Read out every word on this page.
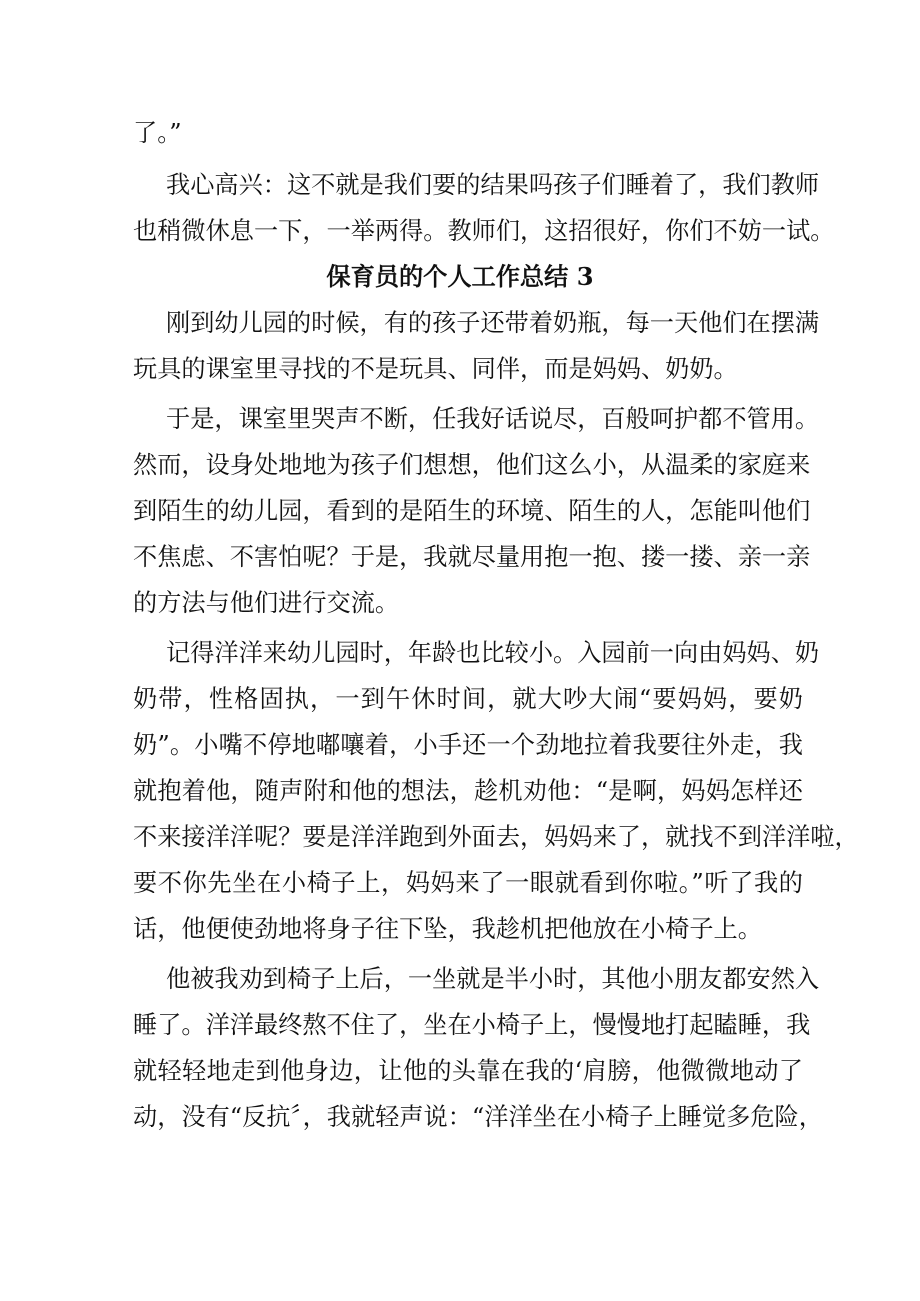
了。”
我心高兴：这不就是我们要的结果吗孩子们睡着了，我们教师
也稍微休息一下，一举两得。教师们，这招很好，你们不妨一试。
保育员的个人工作总结 3
刚到幼儿园的时候，有的孩子还带着奶瓶，每一天他们在摆满
玩具的课室里寻找的不是玩具、同伴，而是妈妈、奶奶。
于是，课室里哭声不断，任我好话说尽，百般呵护都不管用。
然而，设身处地地为孩子们想想，他们这么小，从温柔的家庭来
到陌生的幼儿园，看到的是陌生的环境、陌生的人，怎能叫他们
不焦虑、不害怕呢？于是，我就尽量用抱一抱、搂一搂、亲一亲
的方法与他们进行交流。
记得洋洋来幼儿园时，年龄也比较小。入园前一向由妈妈、奶
奶带，性格固执，一到午休时间，就大吵大闹“要妈妈，要奶
奶”。小嘴不停地嘟嚷着，小手还一个劲地拉着我要往外走，我
就抱着他，随声附和他的想法，趁机劝他：“是啊，妈妈怎样还
不来接洋洋呢？要是洋洋跑到外面去，妈妈来了，就找不到洋洋啦，
要不你先坐在小椅子上，妈妈来了一眼就看到你啦。”听了我的
话，他便使劲地将身子往下坠，我趁机把他放在小椅子上。
他被我劝到椅子上后，一坐就是半小时，其他小朋友都安然入
睡了。洋洋最终熬不住了，坐在小椅子上，慢慢地打起瞌睡，我
就轻轻地走到他身边，让他的头靠在我的‘肩膀，他微微地动了
动，没有“反抗〞，我就轻声说：“洋洋坐在小椅子上睡觉多危险，
